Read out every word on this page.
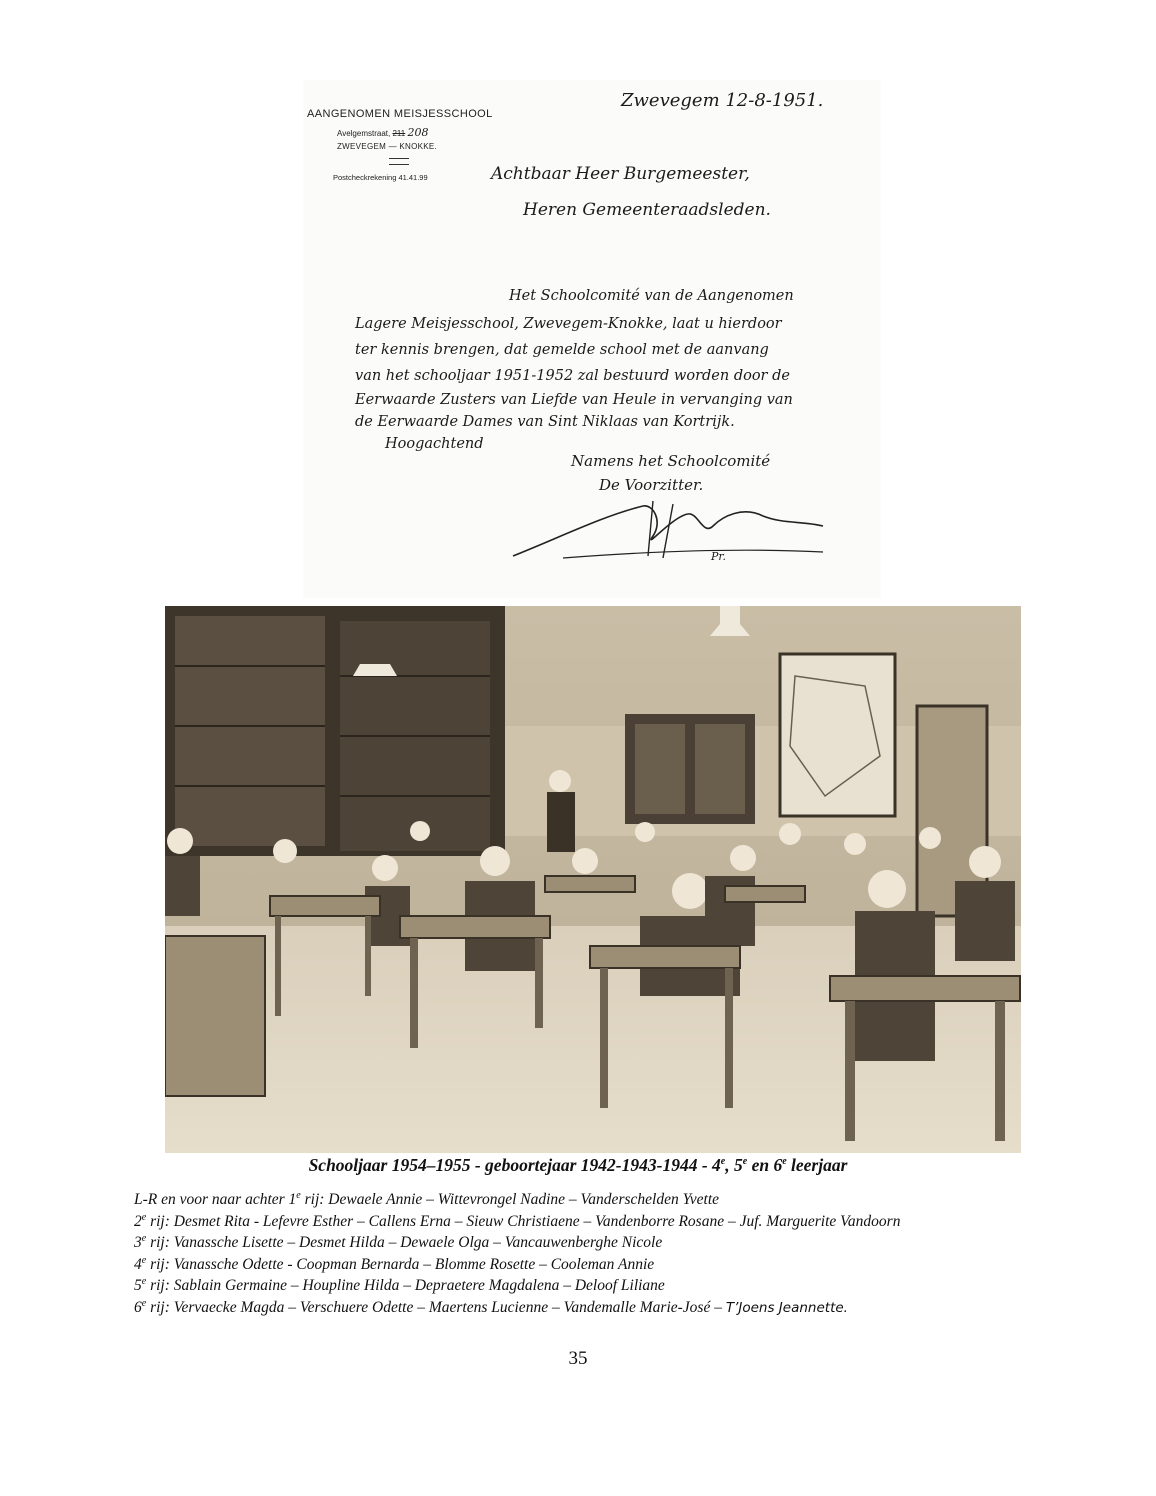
AANGENOMEN MEISJESSCHOOL
Avelgemstraat, 211 208
ZWEVEGEM — KNOKKE.
Postcheckrekening 41.41.99
Zwevegem 12-8-1951.
Achtbaar Heer Burgemeester,
Heren Gemeenteraadsleden.
Het Schoolcomité van de Aangenomen
Lagere Meisjesschool, Zwevegem-Knokke, laat u hierdoor
ter kennis brengen, dat gemelde school met de aanvang
van het schooljaar 1951-1952 zal bestuurd worden door de
Eerwaarde Zusters van Liefde van Heule in vervanging van
de Eerwaarde Dames van Sint Niklaas van Kortrijk.
Hoogachtend
Namens het Schoolcomité
De Voorzitter.
Pr.
Schooljaar 1954–1955 - geboortejaar 1942-1943-1944 - 4e, 5e en 6e leerjaar
L-R en voor naar achter 1e rij: Dewaele Annie – Wittevrongel Nadine – Vanderschelden Yvette
2e rij: Desmet Rita - Lefevre Esther – Callens Erna – Sieuw Christiaene – Vandenborre Rosane – Juf. Marguerite Vandoorn
3e rij: Vanassche Lisette – Desmet Hilda – Dewaele Olga – Vancauwenberghe Nicole
4e rij: Vanassche Odette - Coopman Bernarda – Blomme Rosette – Cooleman Annie
5e rij: Sablain Germaine – Houpline Hilda – Depraetere Magdalena – Deloof Liliane
6e rij: Vervaecke Magda – Verschuere Odette – Maertens Lucienne – Vandemalle Marie-José – T’Joens Jeannette.
35
